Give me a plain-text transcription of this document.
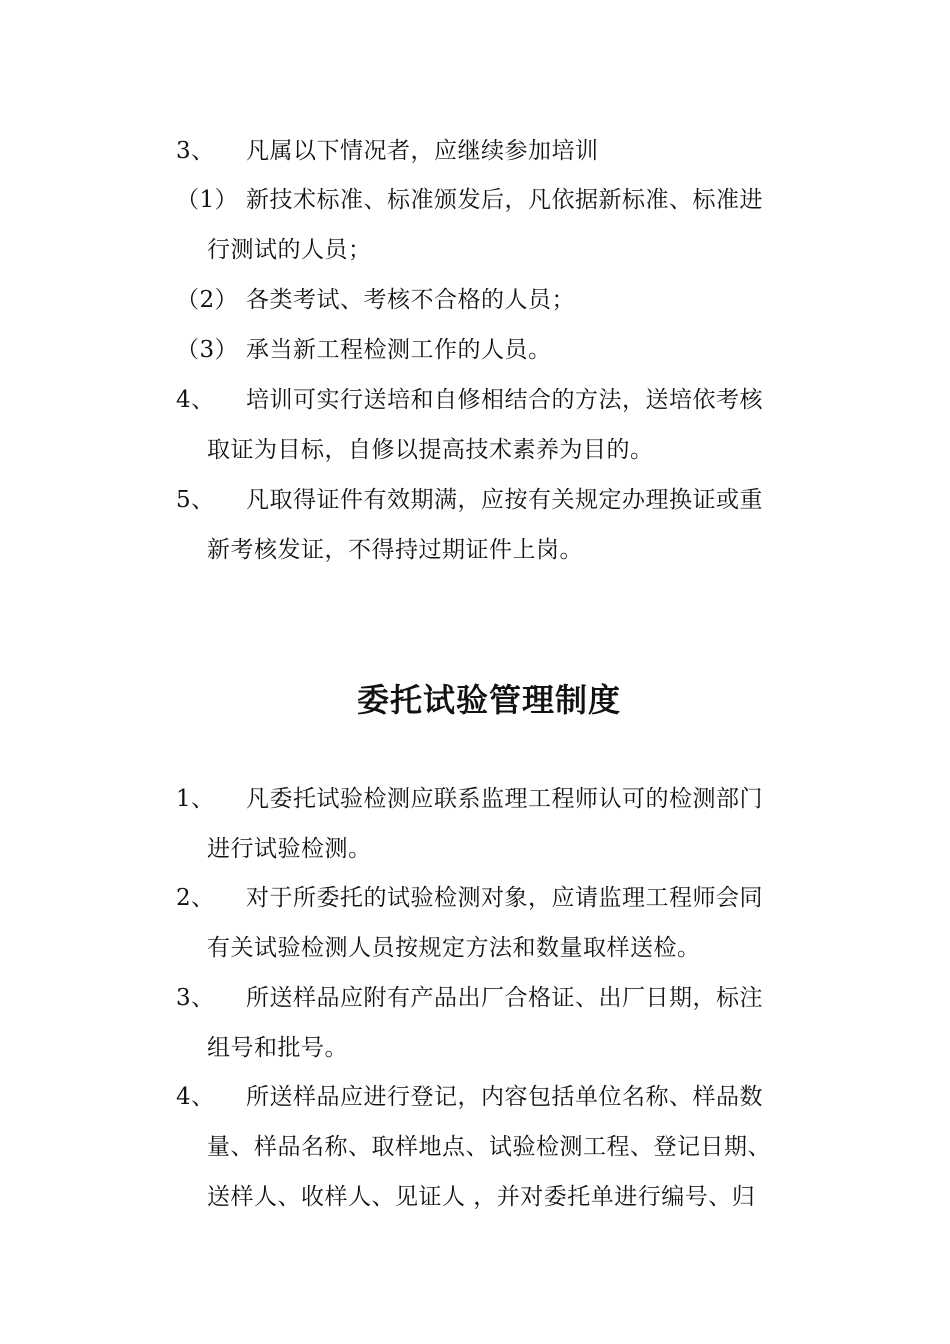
3、 凡属以下情况者，应继续参加培训
（1） 新技术标准、标准颁发后，凡依据新标准、标准进
行测试的人员；
（2） 各类考试、考核不合格的人员；
（3） 承当新工程检测工作的人员。
4、 培训可实行送培和自修相结合的方法，送培依考核
取证为目标，自修以提高技术素养为目的。
5、 凡取得证件有效期满，应按有关规定办理换证或重
新考核发证，不得持过期证件上岗。
委托试验管理制度
1、 凡委托试验检测应联系监理工程师认可的检测部门
进行试验检测。
2、 对于所委托的试验检测对象，应请监理工程师会同
有关试验检测人员按规定方法和数量取样送检。
3、 所送样品应附有产品出厂合格证、出厂日期，标注
组号和批号。
4、 所送样品应进行登记，内容包括单位名称、样品数
量、样品名称、取样地点、试验检测工程、登记日期、
送样人、收样人、见证人 ，并对委托单进行编号、归
